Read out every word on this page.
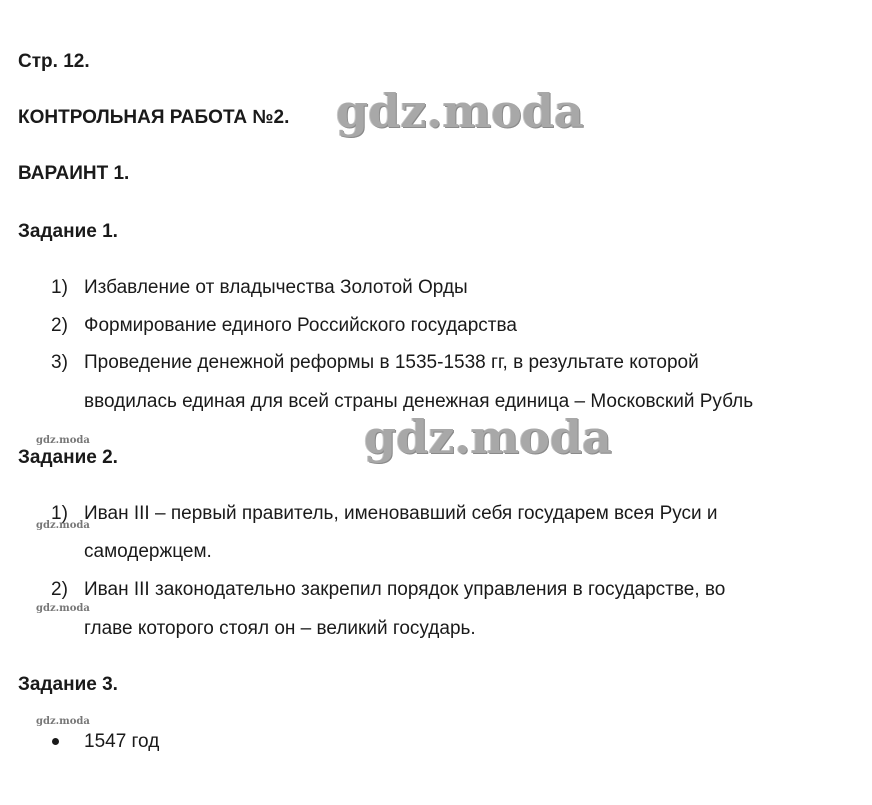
Стр. 12.
КОНТРОЛЬНАЯ РАБОТА №2.
ВАРАИНТ 1.
Задание 1.
1) Избавление от владычества Золотой Орды
2) Формирование единого Российского государства
3) Проведение денежной реформы в 1535-1538 гг, в результате которой
вводилась единая для всей страны денежная единица – Московский Рубль
Задание 2.
1) Иван III – первый правитель, именовавший себя государем всея Руси и
самодержцем.
2) Иван III законодательно закрепил порядок управления в государстве, во
главе которого стоял он – великий государь.
Задание 3.
1547 год
gdz.moda
gdz.moda
gdz.moda
gdz.moda
gdz.moda
gdz.moda
